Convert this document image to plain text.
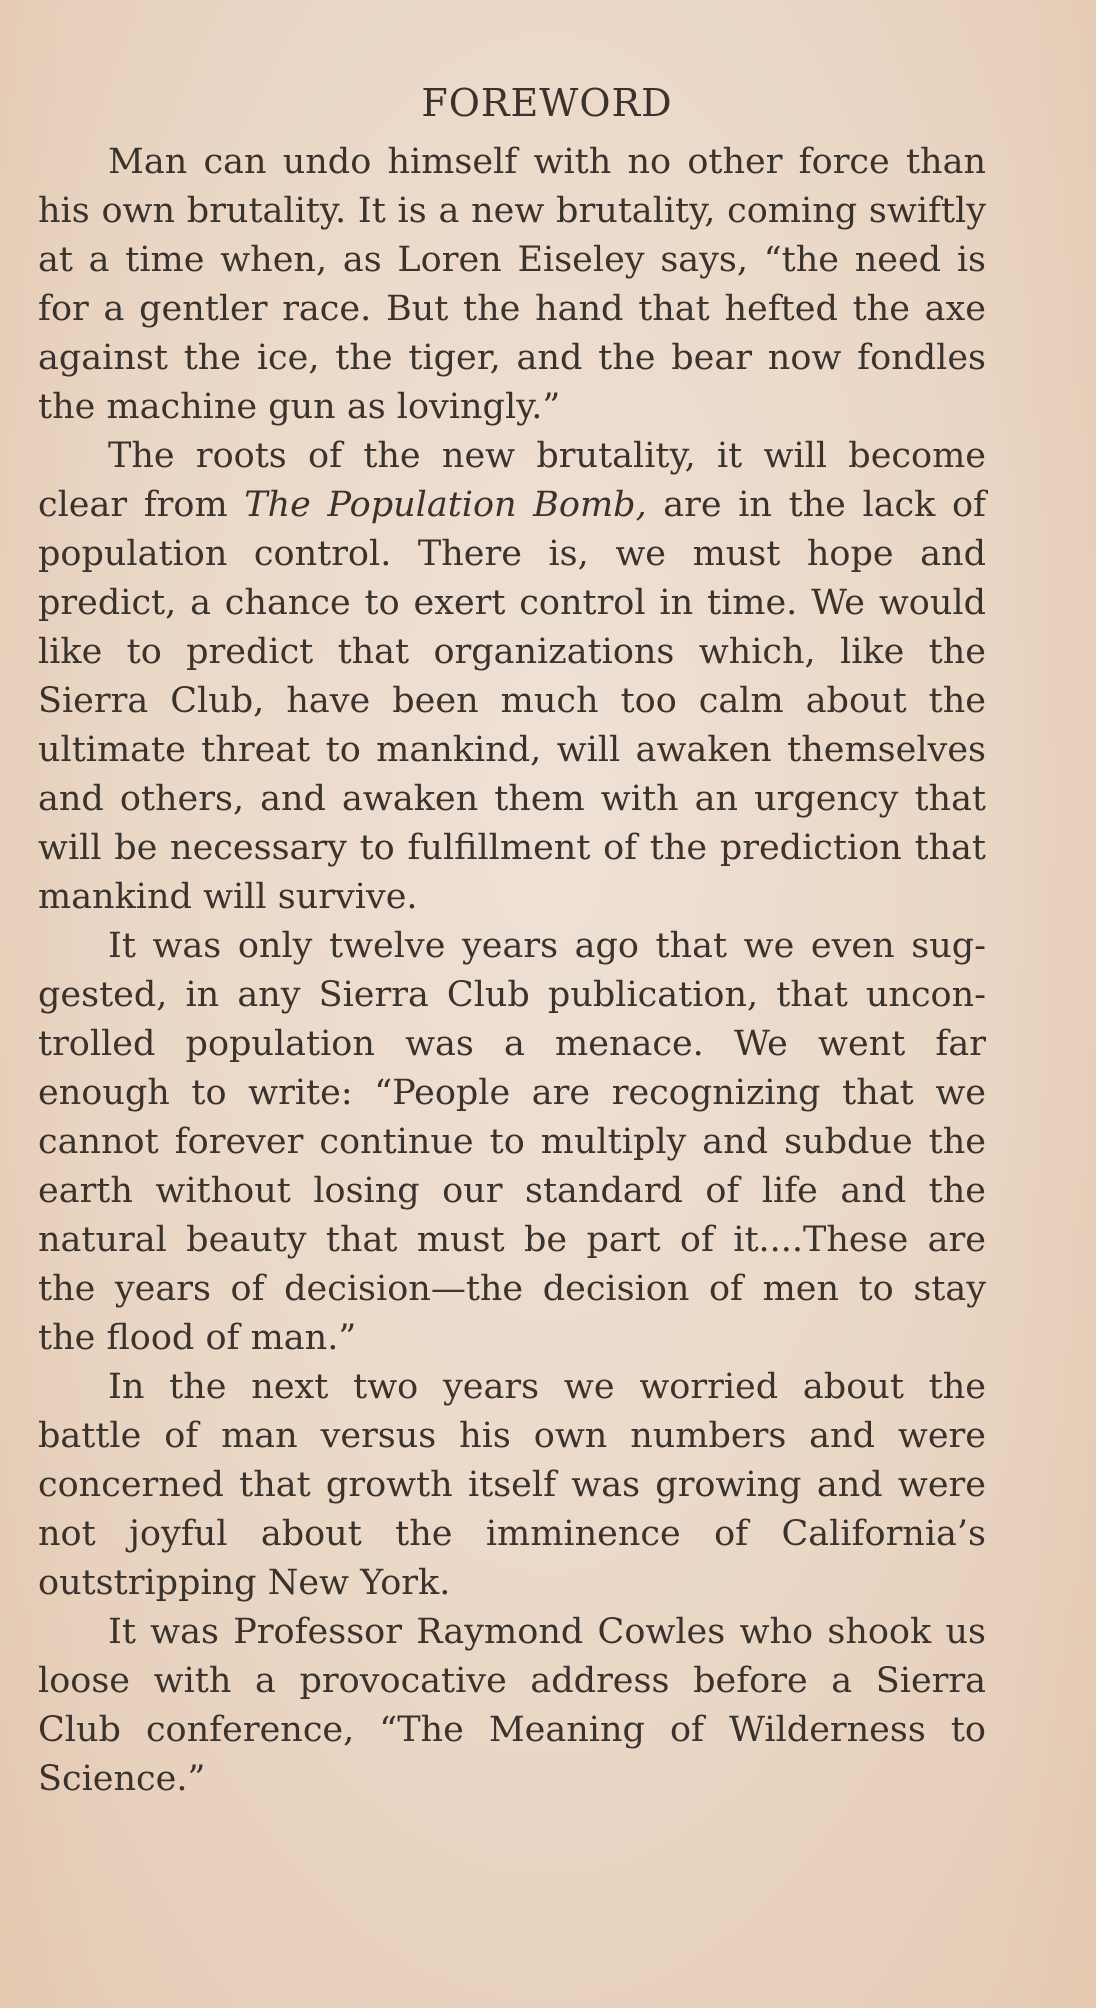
FOREWORD

Man can undo himself with no other force than his own brutality. It is a new brutality, coming swiftly at a time when, as Loren Eiseley says, “the need is for a gentler race. But the hand that hefted the axe against the ice, the tiger, and the bear now fondles the machine gun as lovingly.”

The roots of the new brutality, it will become clear from The Population Bomb, are in the lack of population control. There is, we must hope and predict, a chance to exert control in time. We would like to predict that organizations which, like the Sierra Club, have been much too calm about the ultimate threat to mankind, will awaken themselves and others, and awaken them with an urgency that will be necessary to fulfillment of the prediction that mankind will survive.

It was only twelve years ago that we even suggested, in any Sierra Club publication, that uncontrolled population was a menace. We went far enough to write: “People are recognizing that we cannot forever continue to multiply and subdue the earth without losing our standard of life and the natural beauty that must be part of it....These are the years of decision—the decision of men to stay the flood of man.”

In the next two years we worried about the battle of man versus his own numbers and were concerned that growth itself was growing and were not joyful about the imminence of California’s outstripping New York.

It was Professor Raymond Cowles who shook us loose with a provocative address before a Sierra Club conference, “The Meaning of Wilderness to Science.”
